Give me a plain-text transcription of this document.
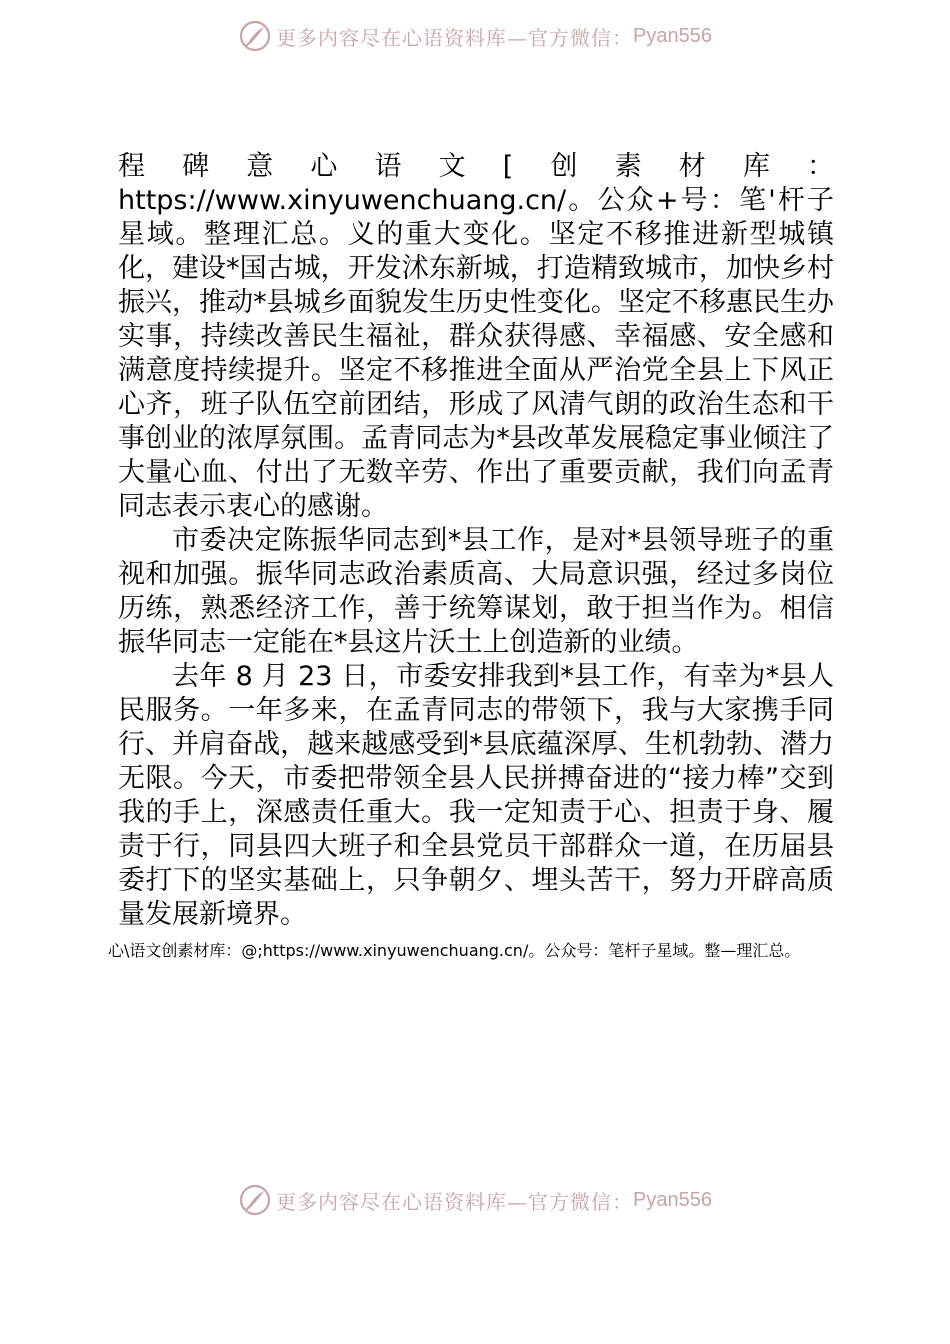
更多内容尽在心语资料库—官方微信： Pyan556

程碑意心语文[创素材库：https://www.xinyuwenchuang.cn/。公众+号：笔'杆子星域。整理汇总。义的重大变化。坚定不移推进新型城镇化，建设*国古城，开发沭东新城，打造精致城市，加快乡村振兴，推动*县城乡面貌发生历史性变化。坚定不移惠民生办实事，持续改善民生福祉，群众获得感、幸福感、安全感和满意度持续提升。坚定不移推进全面从严治党全县上下风正心齐，班子队伍空前团结，形成了风清气朗的政治生态和干事创业的浓厚氛围。孟青同志为*县改革发展稳定事业倾注了大量心血、付出了无数辛劳、作出了重要贡献，我们向孟青同志表示衷心的感谢。

市委决定陈振华同志到*县工作，是对*县领导班子的重视和加强。振华同志政治素质高、大局意识强，经过多岗位历练，熟悉经济工作，善于统筹谋划，敢于担当作为。相信振华同志一定能在*县这片沃土上创造新的业绩。

去年 8 月 23 日，市委安排我到*县工作，有幸为*县人民服务。一年多来，在孟青同志的带领下，我与大家携手同行、并肩奋战，越来越感受到*县底蕴深厚、生机勃勃、潜力无限。今天，市委把带领全县人民拼搏奋进的“接力棒”交到我的手上，深感责任重大。我一定知责于心、担责于身、履责于行，同县四大班子和全县党员干部群众一道，在历届县委打下的坚实基础上，只争朝夕、埋头苦干，努力开辟高质量发展新境界。

心\语文创素材库：@;https://www.xinyuwenchuang.cn/。公众号：笔杆子星域。整—理汇总。
更多内容尽在心语资料库—官方微信： Pyan556
